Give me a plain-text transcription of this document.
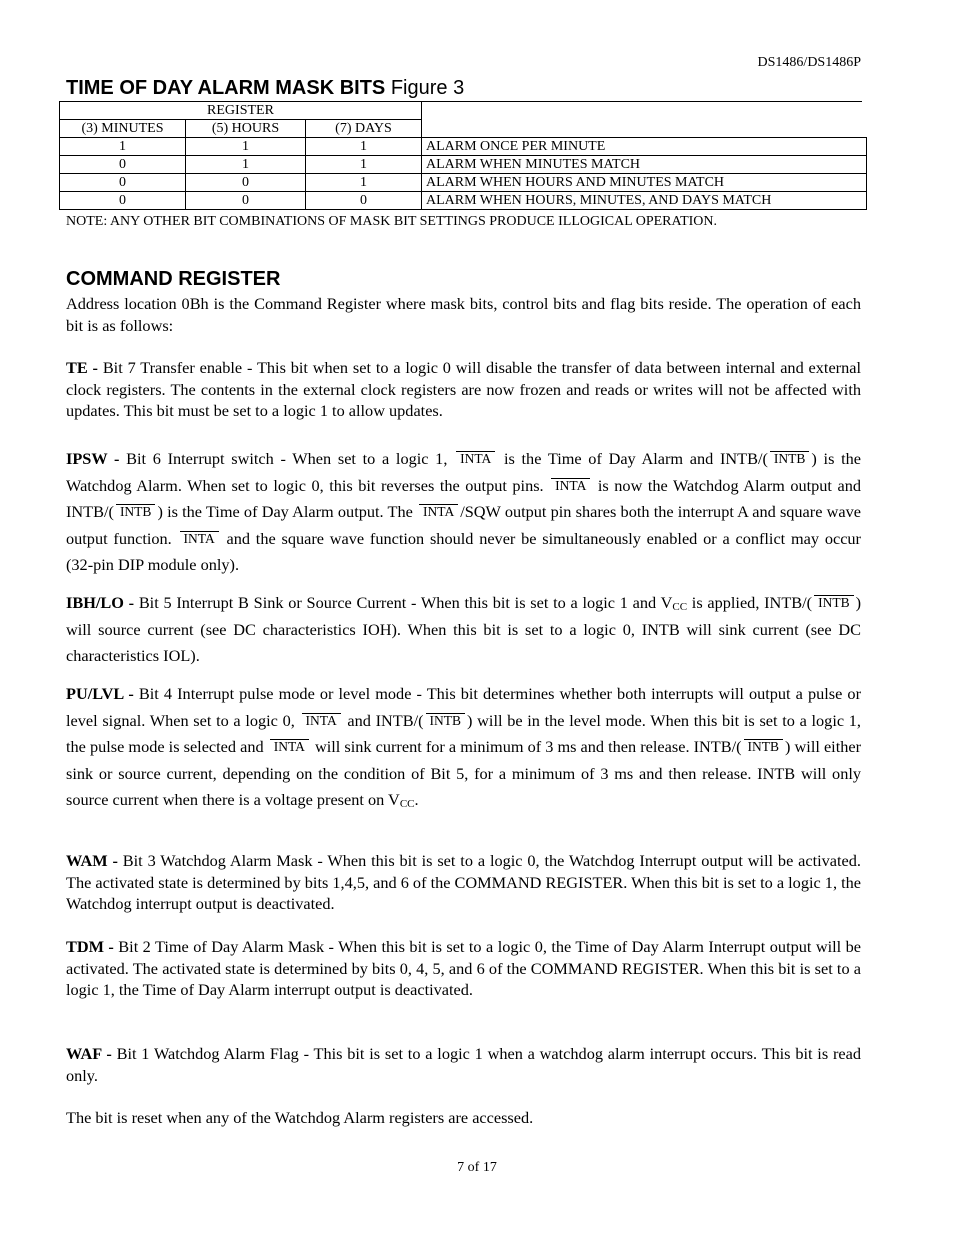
DS1486/DS1486P
TIME OF DAY ALARM MASK BITS Figure 3
REGISTER			
(3) MINUTES	(5) HOURS	(7) DAYS	
1	1	1	ALARM ONCE PER MINUTE
0	1	1	ALARM WHEN MINUTES MATCH
0	0	1	ALARM WHEN HOURS AND MINUTES MATCH
0	0	0	ALARM WHEN HOURS, MINUTES, AND DAYS MATCH
NOTE: ANY OTHER BIT COMBINATIONS OF MASK BIT SETTINGS PRODUCE ILLOGICAL OPERATION.
COMMAND REGISTER
Address location 0Bh is the Command Register where mask bits, control bits and flag bits reside. The operation of each bit is as follows:
TE - Bit 7 Transfer enable - This bit when set to a logic 0 will disable the transfer of data between internal and external clock registers. The contents in the external clock registers are now frozen and reads or writes will not be affected with updates. This bit must be set to a logic 1 to allow updates.
IPSW - Bit 6 Interrupt switch - When set to a logic 1, INTA is the Time of Day Alarm and INTB/( INTB ) is the Watchdog Alarm. When set to logic 0, this bit reverses the output pins. INTA is now the Watchdog Alarm output and INTB/( INTB ) is the Time of Day Alarm output. The INTA /SQW output pin shares both the interrupt A and square wave output function. INTA and the square wave function should never be simultaneously enabled or a conflict may occur (32-pin DIP module only).
IBH/LO - Bit 5 Interrupt B Sink or Source Current - When this bit is set to a logic 1 and $V_{CC}$ is applied, INTB/( INTB ) will source current (see DC characteristics IOH). When this bit is set to a logic 0, INTB will sink current (see DC characteristics IOL).
PU/LVL - Bit 4 Interrupt pulse mode or level mode - This bit determines whether both interrupts will output a pulse or level signal. When set to a logic 0, INTA and INTB/( INTB ) will be in the level mode. When this bit is set to a logic 1, the pulse mode is selected and INTA will sink current for a minimum of 3 ms and then release. INTB/( INTB ) will either sink or source current, depending on the condition of Bit 5, for a minimum of 3 ms and then release. INTB will only source current when there is a voltage present on $V_{CC}$.
WAM - Bit 3 Watchdog Alarm Mask - When this bit is set to a logic 0, the Watchdog Interrupt output will be activated. The activated state is determined by bits 1,4,5, and 6 of the COMMAND REGISTER. When this bit is set to a logic 1, the Watchdog interrupt output is deactivated.
TDM - Bit 2 Time of Day Alarm Mask - When this bit is set to a logic 0, the Time of Day Alarm Interrupt output will be activated. The activated state is determined by bits 0, 4, 5, and 6 of the COMMAND REGISTER. When this bit is set to a logic 1, the Time of Day Alarm interrupt output is deactivated.
WAF - Bit 1 Watchdog Alarm Flag - This bit is set to a logic 1 when a watchdog alarm interrupt occurs. This bit is read only.
The bit is reset when any of the Watchdog Alarm registers are accessed.
7 of 17
